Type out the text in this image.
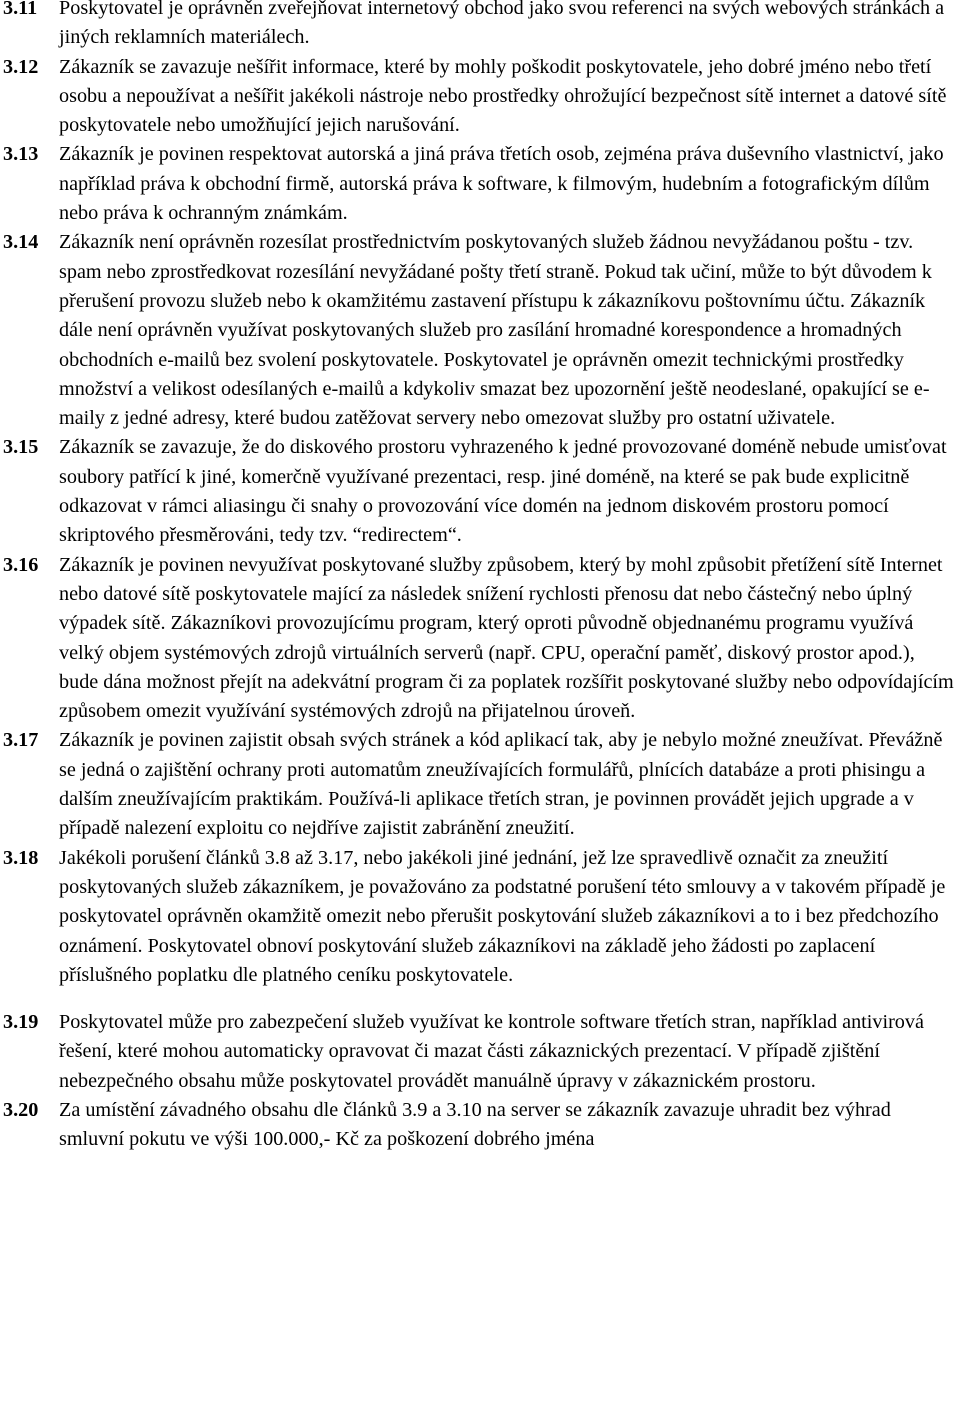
3.11	Poskytovatel je oprávněn zveřejňovat internetový obchod jako svou referenci na svých webových stránkách a jiných reklamních materiálech.
3.12	Zákazník se zavazuje nešířit informace, které by mohly poškodit poskytovatele, jeho dobré jméno nebo třetí osobu a nepoužívat a nešířit jakékoli nástroje nebo prostředky ohrožující bezpečnost sítě internet a datové sítě poskytovatele nebo umožňující jejich narušování.
3.13	Zákazník je povinen respektovat autorská a jiná práva třetích osob, zejména práva duševního vlastnictví, jako například práva k obchodní firmě, autorská práva k software, k filmovým, hudebním a fotografickým dílům nebo práva k ochranným známkám.
3.14	Zákazník není oprávněn rozesílat prostřednictvím poskytovaných služeb žádnou nevyžádanou poštu - tzv. spam nebo zprostředkovat rozesílání nevyžádané pošty třetí straně. Pokud tak učiní, může to být důvodem k přerušení provozu služeb nebo k okamžitému zastavení přístupu k zákazníkovu poštovnímu účtu. Zákazník dále není oprávněn využívat poskytovaných služeb pro zasílání hromadné korespondence a hromadných obchodních e-mailů bez svolení poskytovatele. Poskytovatel je oprávněn omezit technickými prostředky množství a velikost odesílaných e-mailů a kdykoliv smazat bez upozornění ještě neodeslané, opakující se e-maily z jedné adresy, které budou zatěžovat servery nebo omezovat služby pro ostatní uživatele.
3.15	Zákazník se zavazuje, že do diskového prostoru vyhrazeného k jedné provozované doméně nebude umisťovat soubory patřící k jiné, komerčně využívané prezentaci, resp. jiné doméně, na které se pak bude explicitně odkazovat v rámci aliasingu či snahy o provozování více domén na jednom diskovém prostoru pomocí skriptového přesměrováni, tedy tzv. “redirectem“.
3.16	Zákazník je povinen nevyužívat poskytované služby způsobem, který by mohl způsobit přetížení sítě Internet nebo datové sítě poskytovatele mající za následek snížení rychlosti přenosu dat nebo částečný nebo úplný výpadek sítě. Zákazníkovi provozujícímu program, který oproti původně objednanému programu využívá velký objem systémových zdrojů virtuálních serverů (např. CPU, operační paměť, diskový prostor apod.), bude dána možnost přejít na adekvátní program či za poplatek rozšířit poskytované služby nebo odpovídajícím způsobem omezit využívání systémových zdrojů na přijatelnou úroveň.
3.17	Zákazník je povinen zajistit obsah svých stránek a kód aplikací tak, aby je nebylo možné zneužívat. Převážně se jedná o zajištění ochrany proti automatům zneužívajících formulářů, plnících databáze a proti phisingu a dalším zneužívajícím praktikám. Používá-li aplikace třetích stran, je povinnen provádět jejich upgrade a v případě nalezení exploitu co nejdříve zajistit zabránění zneužití.
3.18	Jakékoli porušení článků 3.8 až 3.17, nebo jakékoli jiné jednání, jež lze spravedlivě označit za zneužití poskytovaných služeb zákazníkem, je považováno za podstatné porušení této smlouvy a v takovém případě je poskytovatel oprávněn okamžitě omezit nebo přerušit poskytování služeb zákazníkovi a to i bez předchozího oznámení. Poskytovatel obnoví poskytování služeb zákazníkovi na základě jeho žádosti po zaplacení příslušného poplatku dle platného ceníku poskytovatele.
3.19	Poskytovatel může pro zabezpečení služeb využívat ke kontrole software třetích stran, například antivirová řešení, které mohou automaticky opravovat či mazat části zákaznických prezentací. V případě zjištění nebezpečného obsahu může poskytovatel provádět manuálně úpravy v zákaznickém prostoru.
3.20	Za umístění závadného obsahu dle článků 3.9 a 3.10 na server se zákazník zavazuje uhradit bez výhrad smluvní pokutu ve výši 100.000,- Kč za poškození dobrého jména
